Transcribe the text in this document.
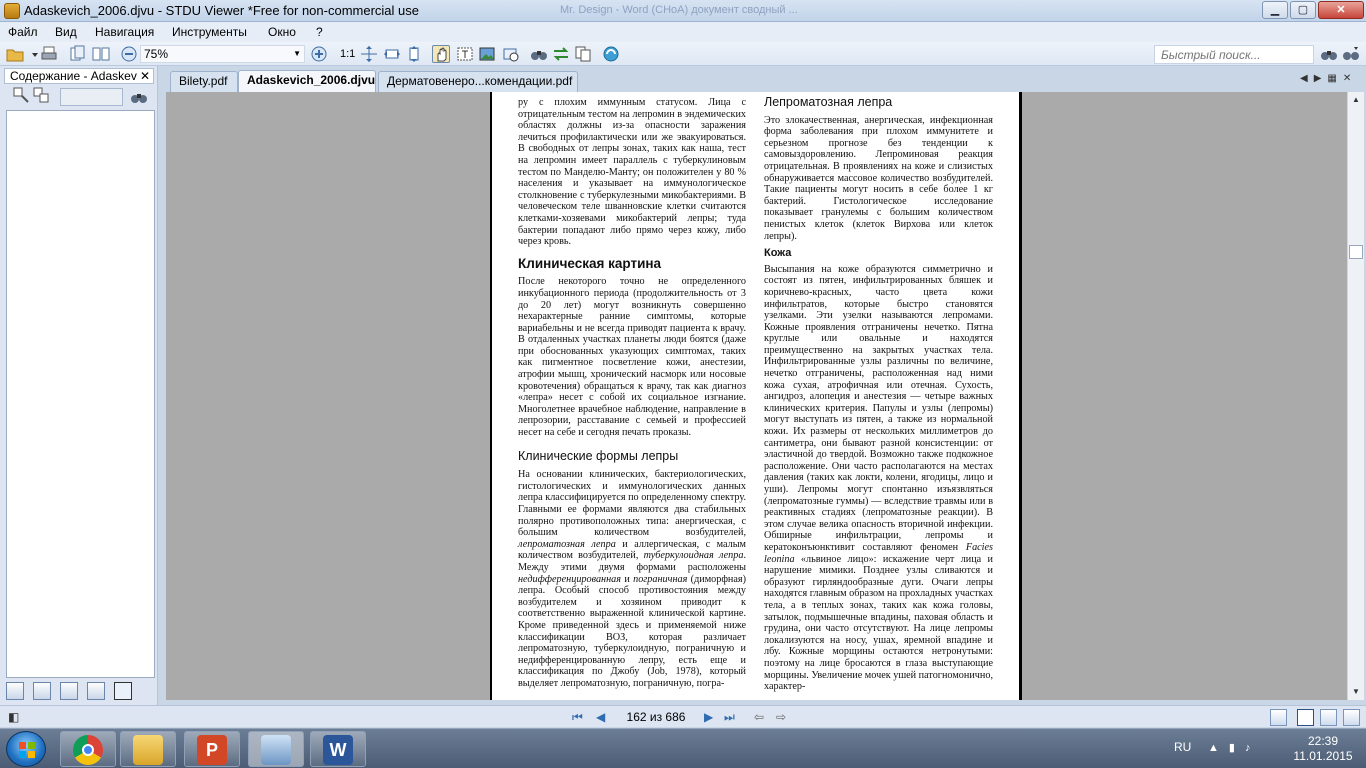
Adaskevich_2006.djvu - STDU Viewer *Free for non-commercial use	Mr. Design - Word (CHoA) документ сводный ...	▁	▢	✕
Файл Вид Навигация Инструменты Окно ?
75%	▼	1:1
Быстрый поиск...
Содержание - Adaskev ✕	Bilety.pdf	Adaskevich_2006.djvu Дерматовенеро...комендации.pdf	◀▶▦✕

ру с плохим иммунным статусом. Лица с отрицательным тестом на лепромин в эндемических областях должны из-за опасности заражения лечиться профилактически или же эвакуироваться. В свободных от лепры зонах, таких как наша, тест на лепромин имеет параллель с туберкулиновым тестом по Манделю-Манту; он положителен у 80 % населения и указывает на иммунологическое столкновение с туберкулезными микобактериями. В человеческом теле шванновские клетки считаются клетками-хозяевами микобактерий лепры; туда бактерии попадают либо прямо через кожу, либо через кровь.

Клиническая картина

После некоторого точно не определенного инкубационного периода (продолжительность от 3 до 20 лет) могут возникнуть совершенно нехарактерные ранние симптомы, которые вариабельны и не всегда приводят пациента к врачу. В отдаленных участках планеты люди боятся (даже при обоснованных указующих симптомах, таких как пигментное посветление кожи, анестезии, атрофии мышц, хронический насморк или носовые кровотечения) обращаться к врачу, так как диагноз «лепра» несет с собой их социальное изгнание. Многолетнее врачебное наблюдение, направление в лепрозории, расставание с семьей и профессией несет на себе и сегодня печать проказы.

Клинические формы лепры

На основании клинических, бактериологических, гистологических и иммунологических данных лепра классифицируется по определенному спектру. Главными ее формами являются два стабильных полярно противоположных типа: анергическая, с большим количеством возбудителей, лепроматозная лепра и аллергическая, с малым количеством возбудителей, туберкулоидная лепра. Между этими двумя формами расположены недифференцированная и пограничная (диморфная) лепра. Особый способ противостояния между возбудителем и хозяином приводит к соответственно выраженной клинической картине. Кроме приведенной здесь и применяемой ниже классификации ВОЗ, которая различает лепроматозную, туберкулоидную, пограничную и недифференцированную лепру, есть еще и классификация по Джобу (Job, 1978), который выделяет лепроматозную, пограничную, погра-

Лепроматозная лепра

Это злокачественная, анергическая, инфекционная форма заболевания при плохом иммунитете и серьезном прогнозе без тенденции к самовыздоровлению. Лепроминовая реакция отрицательная. В проявлениях на коже и слизистых обнаруживается массовое количество возбудителей. Такие пациенты могут носить в себе более 1 кг бактерий. Гистологическое исследование показывает гранулемы с большим количеством пенистых клеток (клеток Вирхова или клеток лепры).

Кожа

Высыпания на коже образуются симметрично и состоят из пятен, инфильтрированных бляшек и коричнево-красных, часто цвета кожи инфильтратов, которые быстро становятся узелками. Эти узелки называются лепромами. Кожные проявления отграничены нечетко. Пятна круглые или овальные и находятся преимущественно на закрытых участках тела. Инфильтрированные узлы различны по величине, нечетко отграничены, расположенная над ними кожа сухая, атрофичная или отечная. Сухость, ангидроз, алопеция и анестезия — четыре важных клинических критерия. Папулы и узлы (лепромы) могут выступать из пятен, а также из нормальной кожи. Их размеры от нескольких миллиметров до сантиметра, они бывают разной консистенции: от эластичной до твердой. Возможно также подкожное расположение. Они часто располагаются на местах давления (таких как локти, колени, ягодицы, лицо и уши). Лепромы могут спонтанно изъязвляться (лепроматозные гуммы) — вследствие травмы или в реактивных стадиях (лепроматозные реакции). В этом случае велика опасность вторичной инфекции. Обширные инфильтрации, лепромы и кератоконъюнктивит составляют феномен Facies leonina «львиное лицо»: искажение черт лица и нарушение мимики. Позднее узлы сливаются и образуют гирляндообразные дуги. Очаги лепры находятся главным образом на прохладных участках тела, а в теплых зонах, таких как кожа головы, затылок, подмышечные впадины, паховая область и грудина, они часто отсутствуют. На лице лепромы локализуются на носу, ушах, яремной впадине и лбу. Кожные морщины остаются нетронутыми: поэтому на лице бросаются в глаза выступающие морщины. Увеличение мочек ушей патогномонично, характер-

▲
▼
◧	⏮ ◀	162 из 686	▶ ⏭ ⇦ ⇨
P	W	RU ▲▮♪	22:39
11.01.2015
